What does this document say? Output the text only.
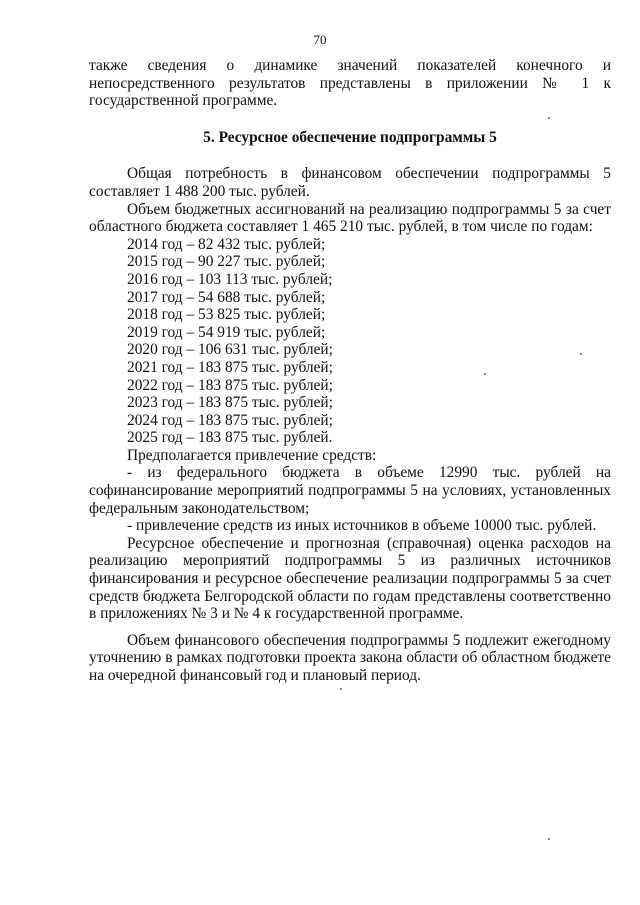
70

также сведения о динамике значений показателей конечного и непосредственного результатов представлены в приложении № 1 к государственной программе.

5. Ресурсное обеспечение подпрограммы 5

Общая потребность в финансовом обеспечении подпрограммы 5 составляет 1 488 200 тыс. рублей.

Объем бюджетных ассигнований на реализацию подпрограммы 5 за счет областного бюджета составляет 1 465 210 тыс. рублей, в том числе по годам:

2014 год – 82 432 тыс. рублей;
2015 год – 90 227 тыс. рублей;
2016 год – 103 113 тыс. рублей;
2017 год – 54 688 тыс. рублей;
2018 год – 53 825 тыс. рублей;
2019 год – 54 919 тыс. рублей;
2020 год – 106 631 тыс. рублей;
2021 год – 183 875 тыс. рублей;
2022 год – 183 875 тыс. рублей;
2023 год – 183 875 тыс. рублей;
2024 год – 183 875 тыс. рублей;
2025 год – 183 875 тыс. рублей.

Предполагается привлечение средств:

- из федерального бюджета в объеме 12990 тыс. рублей на софинансирование мероприятий подпрограммы 5 на условиях, установленных федеральным законодательством;

- привлечение средств из иных источников в объеме 10000 тыс. рублей.

Ресурсное обеспечение и прогнозная (справочная) оценка расходов на реализацию мероприятий подпрограммы 5 из различных источников финансирования и ресурсное обеспечение реализации подпрограммы 5 за счет средств бюджета Белгородской области по годам представлены соответственно в приложениях № 3 и № 4 к государственной программе.

Объем финансового обеспечения подпрограммы 5 подлежит ежегодному уточнению в рамках подготовки проекта закона области об областном бюджете на очередной финансовый год и плановый период.
